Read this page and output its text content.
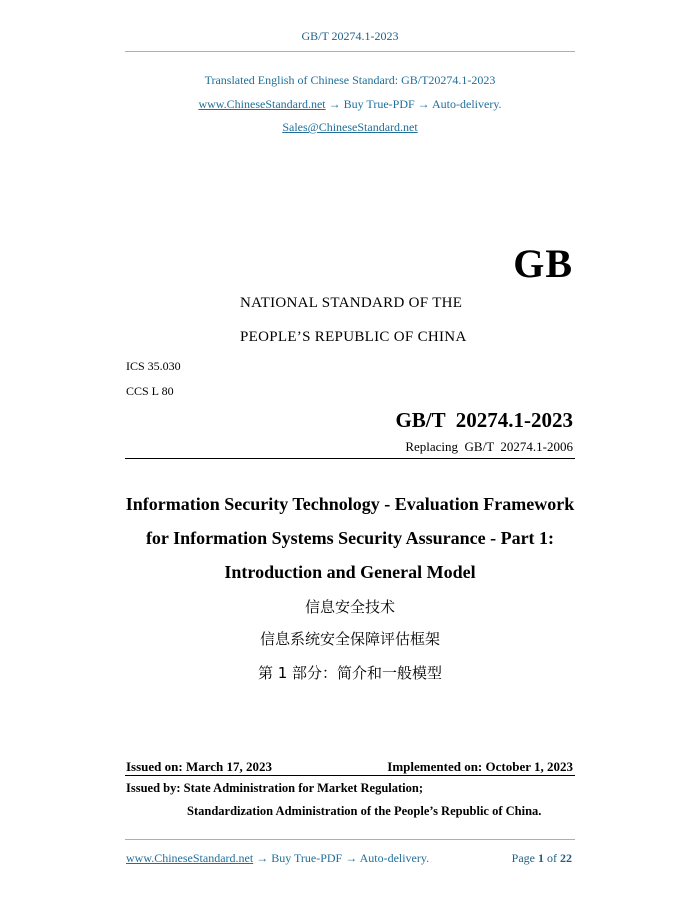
GB/T 20274.1-2023
Translated English of Chinese Standard: GB/T20274.1-2023
www.ChineseStandard.net → Buy True-PDF → Auto-delivery.
Sales@ChineseStandard.net
GB
NATIONAL STANDARD OF THE
PEOPLE’S REPUBLIC OF CHINA
ICS 35.030
CCS L 80
GB/T  20274.1-2023
Replacing  GB/T  20274.1-2006
Information Security Technology - Evaluation Framework
for Information Systems Security Assurance - Part 1:
Introduction and General Model
信息安全技术
信息系统安全保障评估框架
第 1 部分：简介和一般模型
Issued on: March 17, 2023	Implemented on: October 1, 2023
Issued by: State Administration for Market Regulation;
Standardization Administration of the People’s Republic of China.
www.ChineseStandard.net → Buy True-PDF → Auto-delivery.	Page 1 of 22
